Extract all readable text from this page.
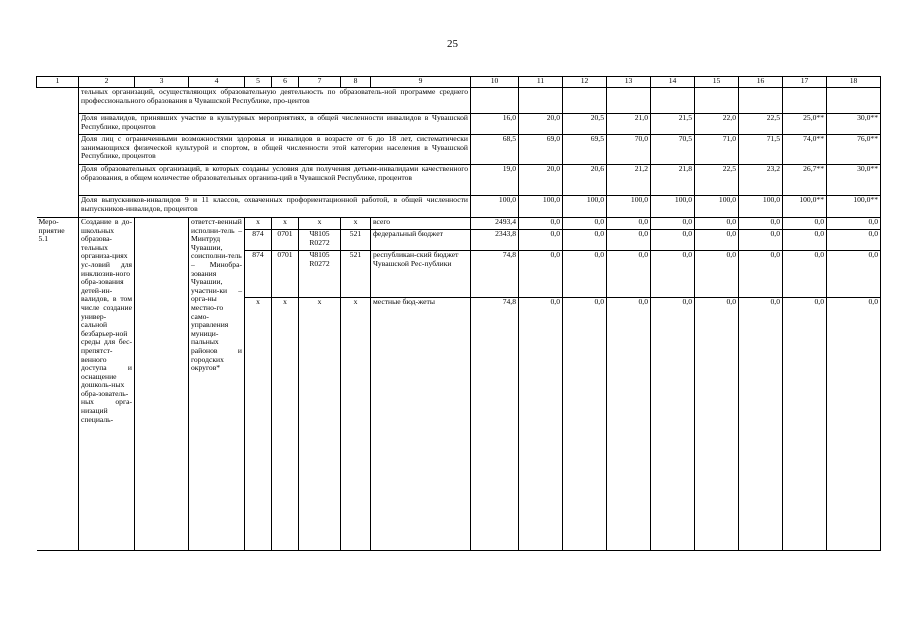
25
1	2	3	4	5	6	7	8	9	10	11	12	13	14	15	16	17	18
	тельных организаций, осуществляющих образовательную деятельность по образователь-ной программе среднего профессионального образования в Чувашской Республике, про-центов																
	Доля инвалидов, принявших участие в культурных мероприятиях, в общей численности инвалидов в Чувашской Республике, процентов								16,0	20,0	20,5	21,0	21,5	22,0	22,5	25,0**	30,0**
	Доля лиц с ограниченными возможностями здоровья и инвалидов в возрасте от 6 до 18 лет, систематически занимающихся физической культурой и спортом, в общей численности этой категории населения в Чувашской Республике, процентов								68,5	69,0	69,5	70,0	70,5	71,0	71,5	74,0**	76,0**
	Доля образовательных организаций, в которых созданы условия для получения детьми-инвалидами качественного образования, в общем количестве образовательных организа-ций в Чувашской Республике, процентов								19,0	20,0	20,6	21,2	21,8	22,5	23,2	26,7**	30,0**
	Доля выпускников-инвалидов 9 и 11 классов, охваченных профориентационной работой, в общей численности выпускников-инвалидов, процентов								100,0	100,0	100,0	100,0	100,0	100,0	100,0	100,0**	100,0**
Меро-приятие 5.1	Создание в до-школьных образова-тельных организа-циях ус-ловий для инклюзив-ного обра-зования детей-ин-валидов, в том числе создание универ-сальной безбарьер-ной среды для бес-препятст-венного доступа и оснащение дошколь-ных обра-зователь-ных орга-низаций специаль-		ответст-венный исполни-тель – Минтруд Чувашии, соисполни-тель – Минобра-зования Чувашии, участни-ки – орга-ны местно-го само-управления муници-пальных районов и городских округов*	х	х	х	х	всего	2493,4	0,0	0,0	0,0	0,0	0,0	0,0	0,0	0,0
				874	0701	Ч8105 R0272	521	федеральный бюджет	2343,8	0,0	0,0	0,0	0,0	0,0	0,0	0,0	0,0
				874	0701	Ч8105 R0272	521	республикан-ский бюджет Чувашской Рес-публики	74,8	0,0	0,0	0,0	0,0	0,0	0,0	0,0	0,0
				х	х	х	х	местные бюд-жеты	74,8	0,0	0,0	0,0	0,0	0,0	0,0	0,0	0,0
